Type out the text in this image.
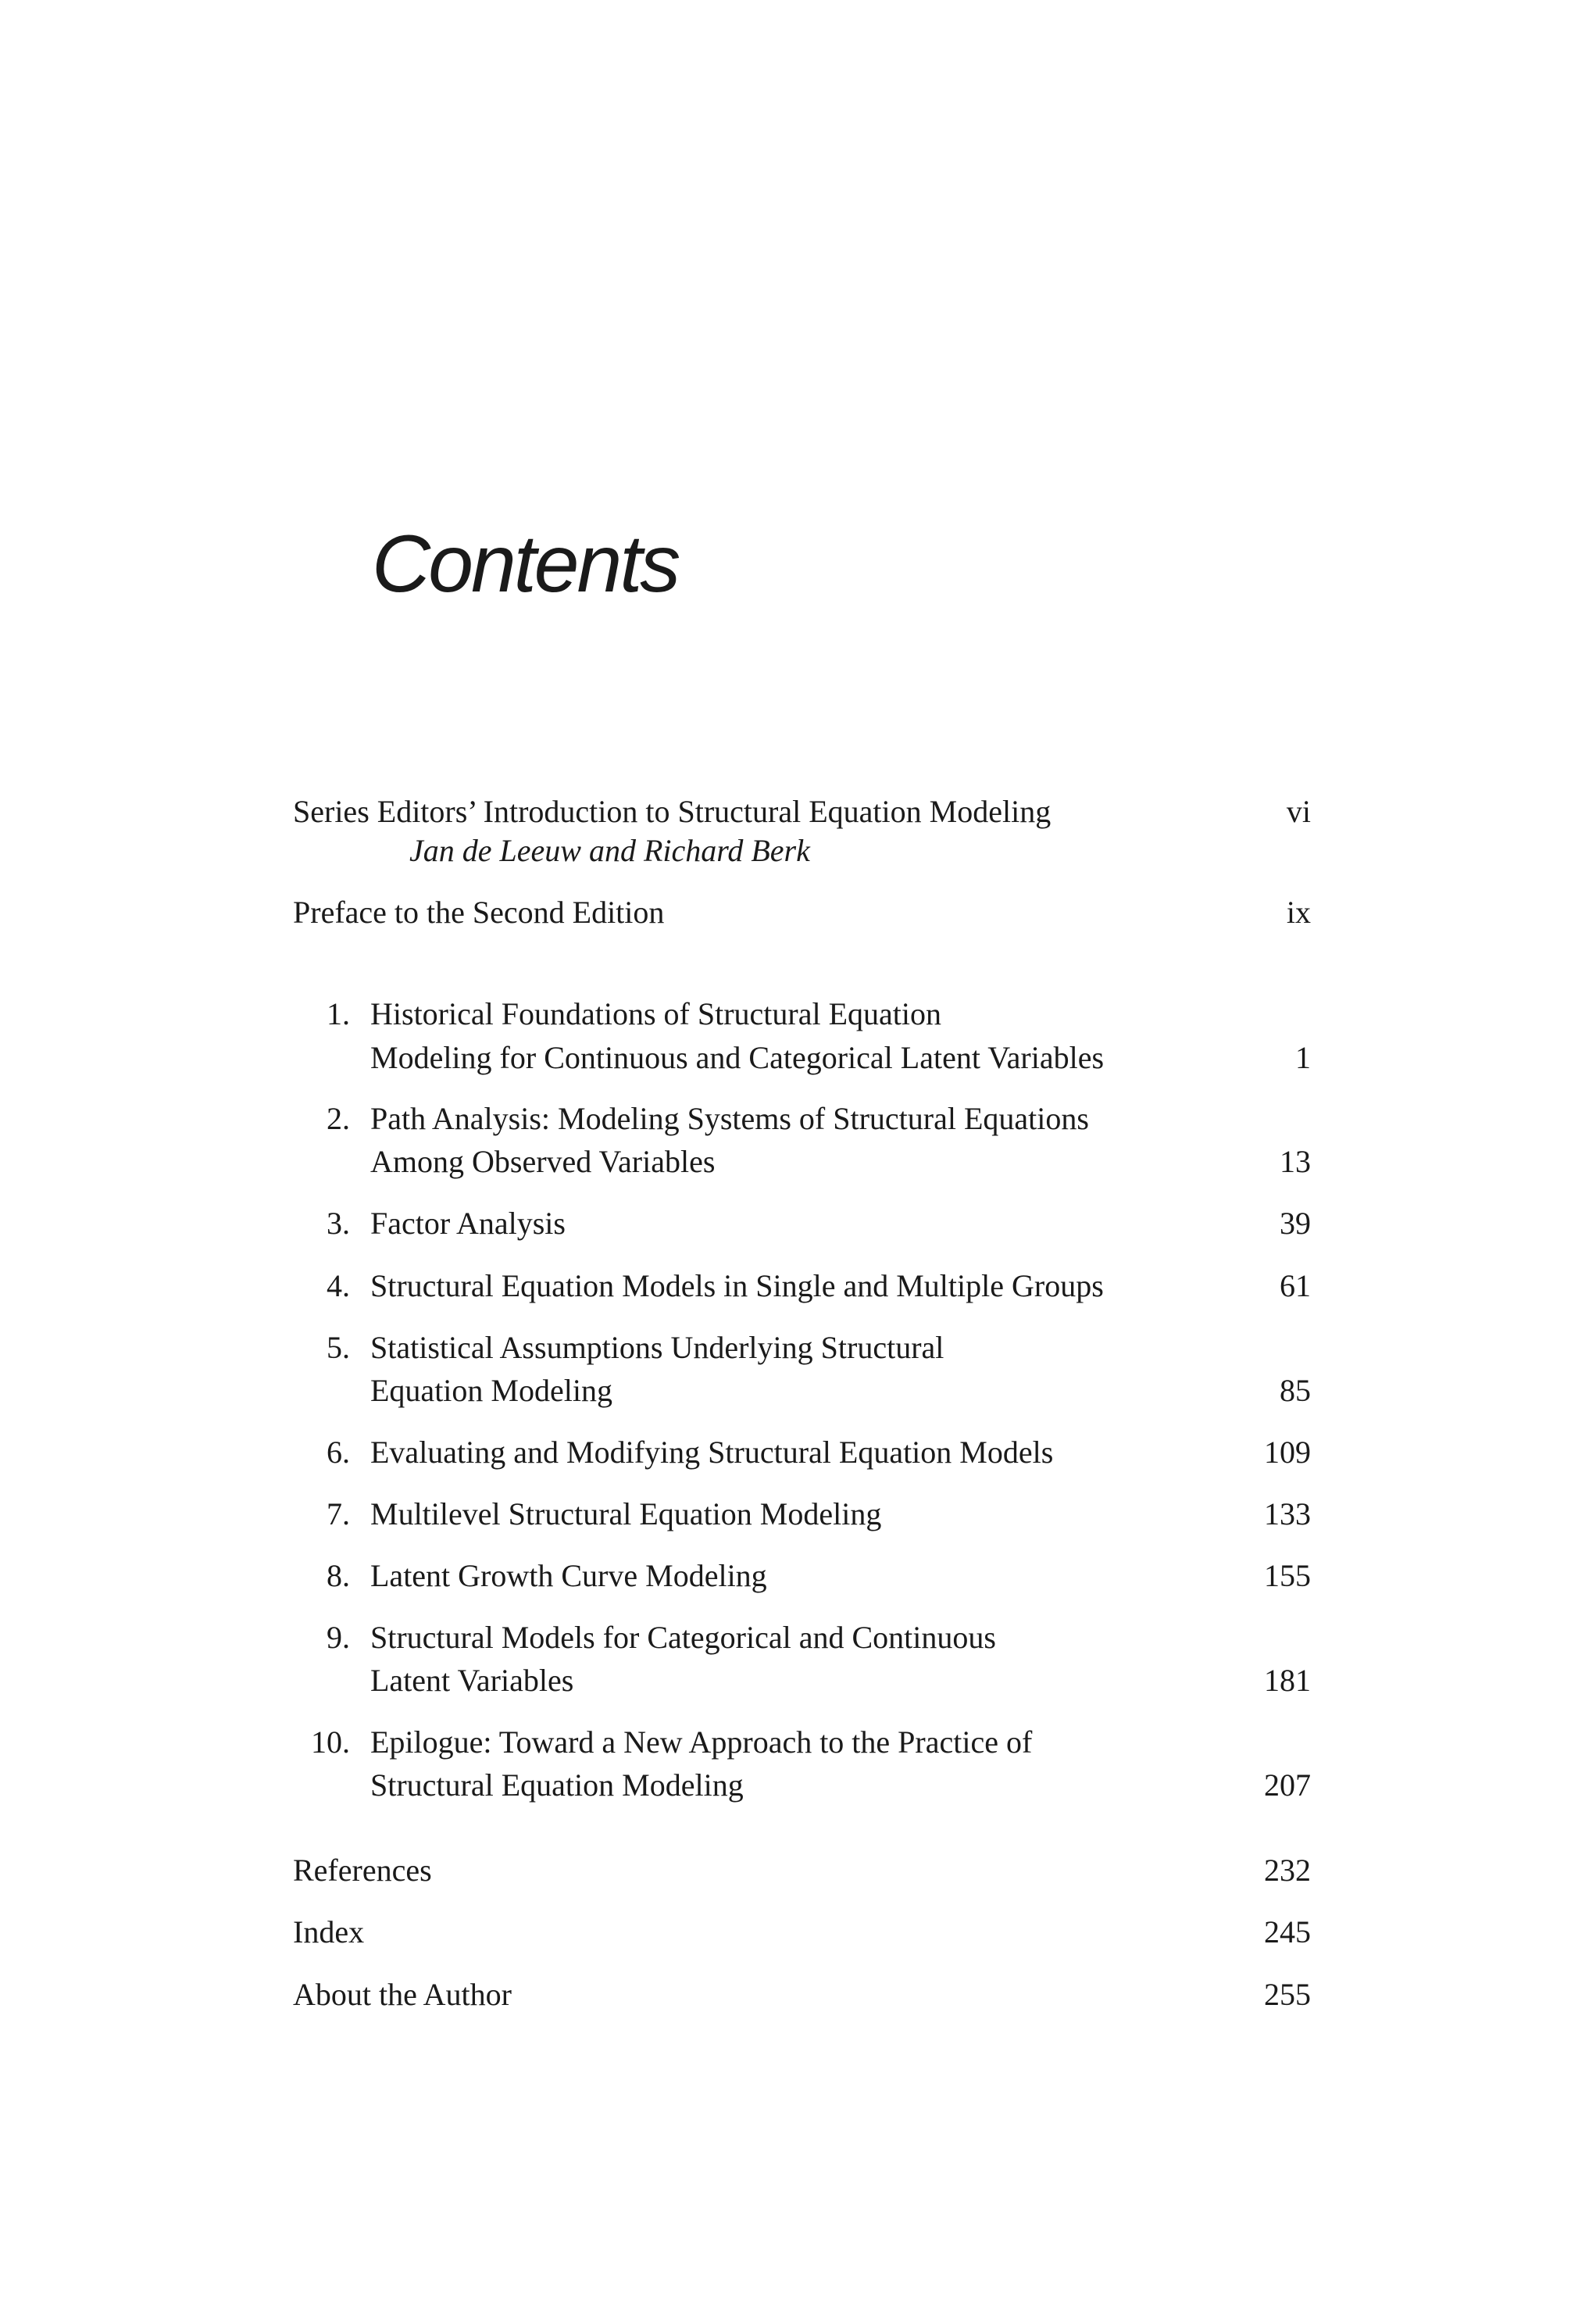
Contents
Series Editors’ Introduction to Structural Equation Modeling	vi
Jan de Leeuw and Richard Berk
Preface to the Second Edition	ix
1. Historical Foundations of Structural Equation
Modeling for Continuous and Categorical Latent Variables	1
2. Path Analysis: Modeling Systems of Structural Equations
Among Observed Variables	13
3. Factor Analysis	39
4. Structural Equation Models in Single and Multiple Groups	61
5. Statistical Assumptions Underlying Structural
Equation Modeling	85
6. Evaluating and Modifying Structural Equation Models	109
7. Multilevel Structural Equation Modeling	133
8. Latent Growth Curve Modeling	155
9. Structural Models for Categorical and Continuous
Latent Variables	181
10. Epilogue: Toward a New Approach to the Practice of
Structural Equation Modeling	207
References	232
Index	245
About the Author	255
